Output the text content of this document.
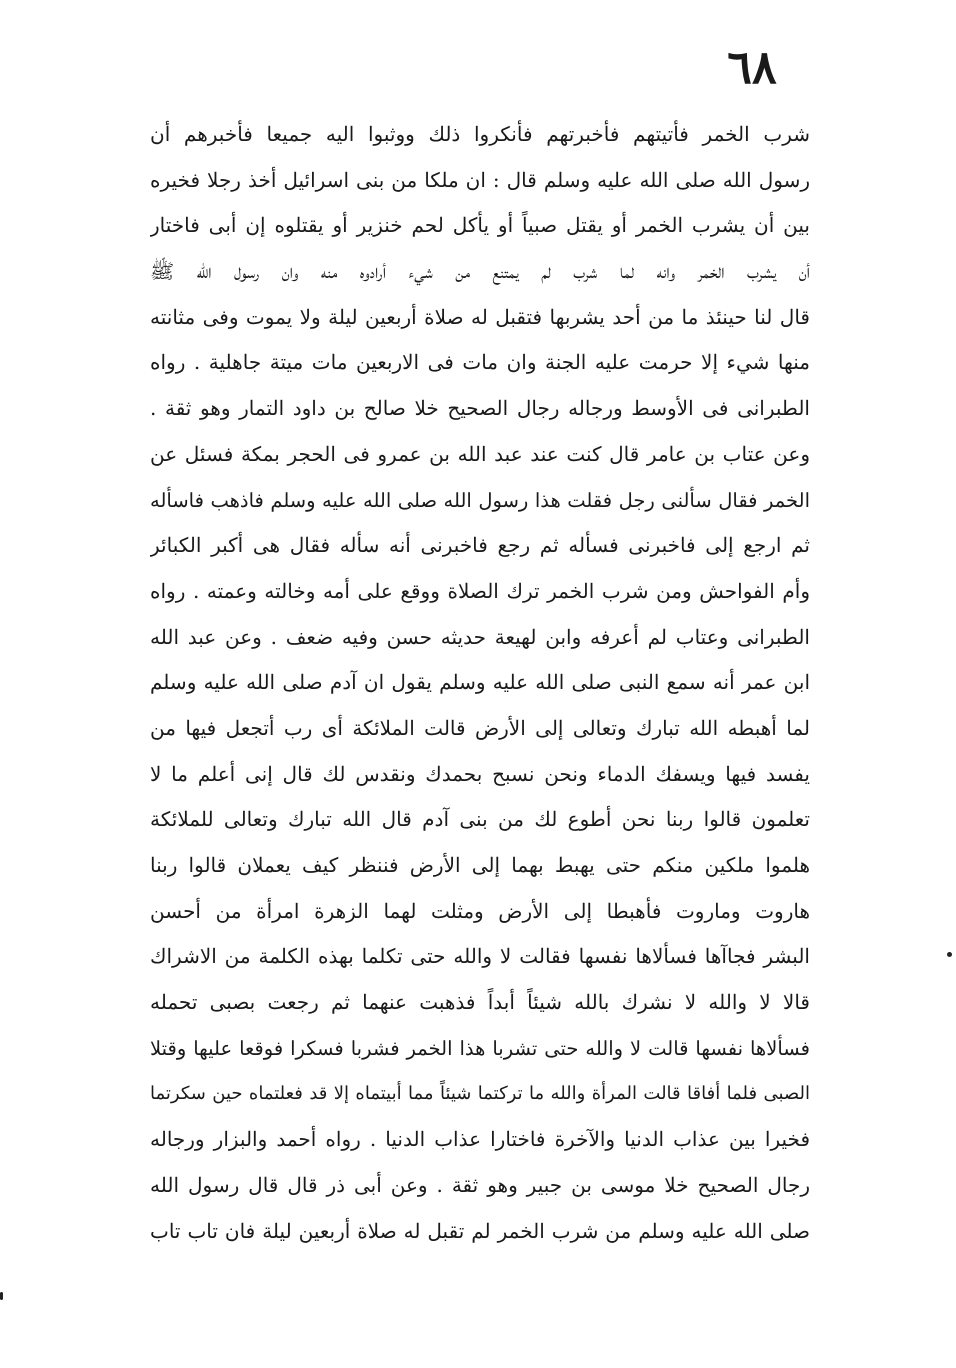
٦٨
شرب الخمر فأتيتهم فأخبرتهم فأنكروا ذلك ووثبوا اليه جميعا فأخبرهم أن
رسول الله صلى الله عليه وسلم قال : ان ملكا من بنى اسرائيل أخذ رجلا فخيره
بين أن يشرب الخمر أو يقتل صبياً أو يأكل لحم خنزير أو يقتلوه إن أبى فاختار
أن يشرب الخمر وانه لما شرب لم يمتنع من شيء أرادوه منه وان رسول الله ﷺ
قال لنا حينئذ ما من أحد يشربها فتقبل له صلاة أربعين ليلة ولا يموت وفى مثانته
منها شيء إلا حرمت عليه الجنة وان مات فى الاربعين مات ميتة جاهلية . رواه
الطبرانى فى الأوسط ورجاله رجال الصحيح خلا صالح بن داود التمار وهو ثقة .
وعن عتاب بن عامر قال كنت عند عبد الله بن عمرو فى الحجر بمكة فسئل عن
الخمر فقال سألنى رجل فقلت هذا رسول الله صلى الله عليه وسلم فاذهب فاسأله
ثم ارجع إلى فاخبرنى فسأله ثم رجع فاخبرنى أنه سأله فقال هى أكبر الكبائر
وأم الفواحش ومن شرب الخمر ترك الصلاة ووقع على أمه وخالته وعمته . رواه
الطبرانى وعتاب لم أعرفه وابن لهيعة حديثه حسن وفيه ضعف . وعن عبد الله
ابن عمر أنه سمع النبى صلى الله عليه وسلم يقول ان آدم صلى الله عليه وسلم
لما أهبطه الله تبارك وتعالى إلى الأرض قالت الملائكة أى رب أتجعل فيها من
يفسد فيها ويسفك الدماء ونحن نسبح بحمدك ونقدس لك قال إنى أعلم ما لا
تعلمون قالوا ربنا نحن أطوع لك من بنى آدم قال الله تبارك وتعالى للملائكة
هلموا ملكين منكم حتى يهبط بهما إلى الأرض فننظر كيف يعملان قالوا ربنا
هاروت وماروت فأهبطا إلى الأرض ومثلت لهما الزهرة امرأة من أحسن
البشر فجاآها فسألاها نفسها فقالت لا والله حتى تكلما بهذه الكلمة من الاشراك
قالا لا والله لا نشرك بالله شيئاً أبداً فذهبت عنهما ثم رجعت بصبى تحمله
فسألاها نفسها قالت لا والله حتى تشربا هذا الخمر فشربا فسكرا فوقعا عليها وقتلا
الصبى فلما أفاقا قالت المرأة والله ما تركتما شيئاً مما أبيتماه إلا قد فعلتماه حين سكرتما
فخيرا بين عذاب الدنيا والآخرة فاختارا عذاب الدنيا . رواه أحمد والبزار ورجاله
رجال الصحيح خلا موسى بن جبير وهو ثقة . وعن أبى ذر قال قال رسول الله
صلى الله عليه وسلم من شرب الخمر لم تقبل له صلاة أربعين ليلة فان تاب تاب
